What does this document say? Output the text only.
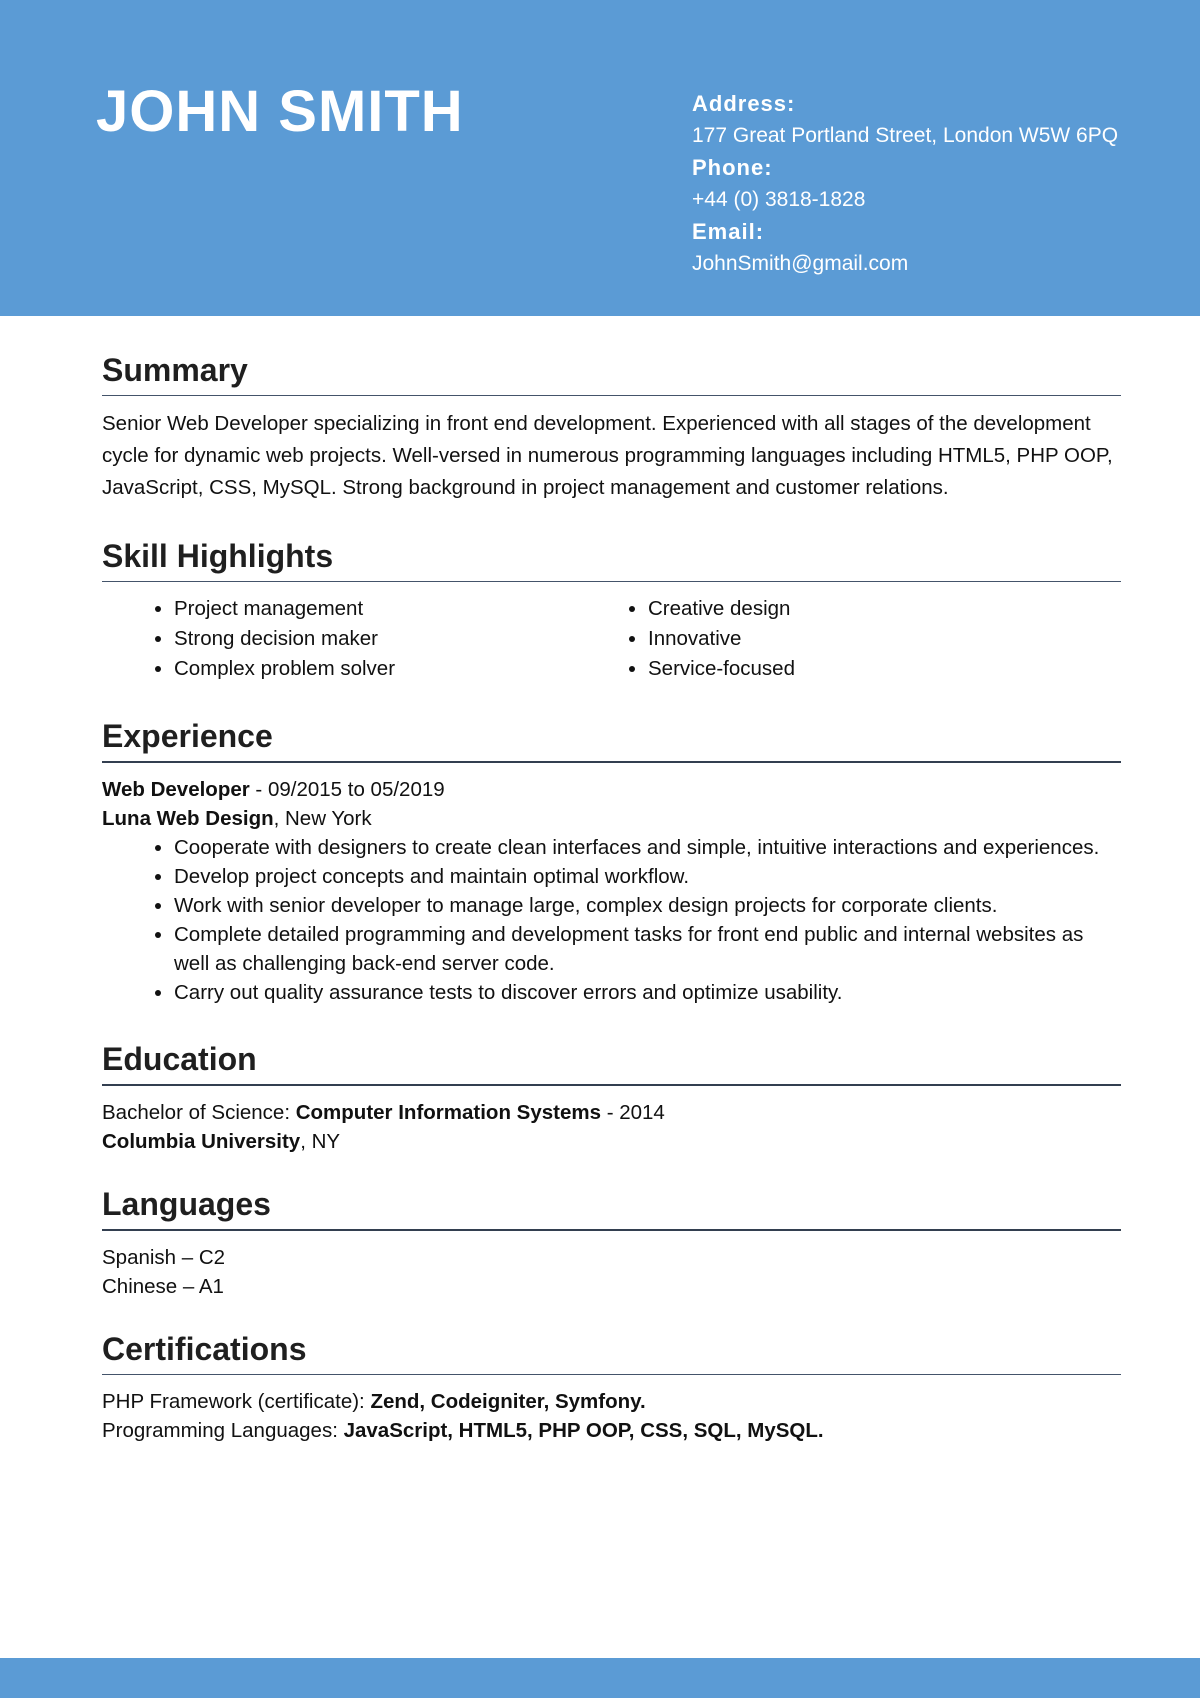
JOHN SMITH	Address:
177 Great Portland Street, London W5W 6PQ
Phone:
+44 (0) 3818-1828
Email:
JohnSmith@gmail.com
Summary

Senior Web Developer specializing in front end development. Experienced with all stages of the development cycle for dynamic web projects. Well-versed in numerous programming languages including HTML5, PHP OOP, JavaScript, CSS, MySQL. Strong background in project management and customer relations.

Skill Highlights
• Project management
• Strong decision maker
• Complex problem solver
• Creative design
• Innovative
• Service-focused
Experience
Web Developer - 09/2015 to 05/2019
Luna Web Design, New York
• Cooperate with designers to create clean interfaces and simple, intuitive interactions and experiences.
• Develop project concepts and maintain optimal workflow.
• Work with senior developer to manage large, complex design projects for corporate clients.
• Complete detailed programming and development tasks for front end public and internal websites as well as challenging back-end server code.
• Carry out quality assurance tests to discover errors and optimize usability.
Education
Bachelor of Science: Computer Information Systems - 2014
Columbia University, NY
Languages
Spanish – C2
Chinese – A1
Certifications
PHP Framework (certificate): Zend, Codeigniter, Symfony.
Programming Languages: JavaScript, HTML5, PHP OOP, CSS, SQL, MySQL.
